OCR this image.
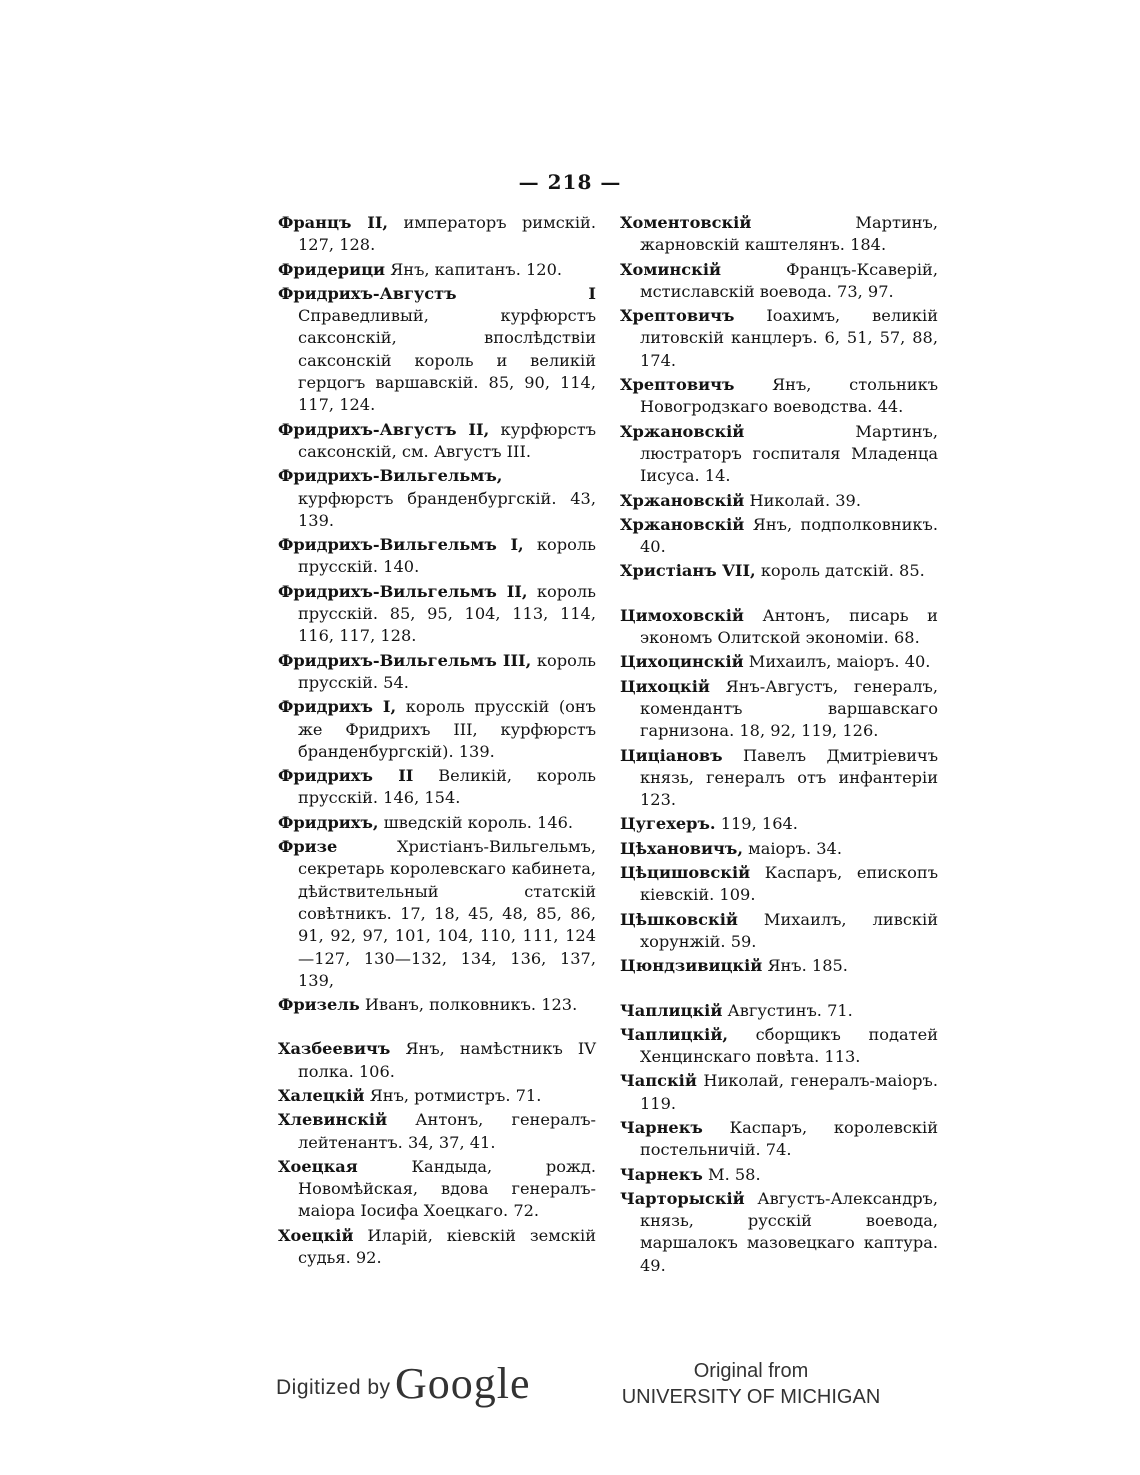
— 218 —

Францъ II, императоръ римскій. 127, 128.

Фридерици Янъ, капитанъ. 120.

Фридрихъ-Августъ I Справедливый, курфюрстъ саксонскій, впослѣдствіи саксонскій король и великій герцогъ варшавскій. 85, 90, 114, 117, 124.

Фридрихъ-Августъ II, курфюрстъ саксонскій, см. Августъ III.

Фридрихъ-Вильгельмъ, курфюрстъ бранденбургскій. 43, 139.

Фридрихъ-Вильгельмъ I, король прусскій. 140.

Фридрихъ-Вильгельмъ II, король прусскій. 85, 95, 104, 113, 114, 116, 117, 128.

Фридрихъ-Вильгельмъ III, король прусскій. 54.

Фридрихъ I, король прусскій (онъ же Фридрихъ III, курфюрстъ бранденбургскій). 139.

Фридрихъ II Великій, король прусскій. 146, 154.

Фридрихъ, шведскій король. 146.

Фризе	Христіанъ-Вильгельмъ, секретарь королевскаго кабинета, дѣйствительный статскій совѣтникъ. 17, 18, 45, 48, 85, 86, 91, 92, 97, 101, 104, 110, 111, 124—127, 130—132, 134, 136, 137, 139,

Фризель Иванъ, полковникъ. 123.

Хазбеевичъ Янъ, намѣстникъ IV полка. 106.

Халецкій Янъ, ротмистръ. 71.

Хлевинскій Антонъ, генералъ-лейтенантъ. 34, 37, 41.

Хоецкая	Кандыда, рожд. Новомѣйская, вдова генералъ-маіора Іосифа Хоецкаго. 72.

Хоецкій Иларій, кіевскій земскій судья. 92.

Хоментовскій	Мартинъ, жарновскій каштелянъ. 184.

Хоминскій	Францъ-Ксаверій, мстиславскій воевода. 73, 97.

Хрептовичъ Іоахимъ, великій литовскій канцлеръ. 6, 51, 57, 88, 174.

Хрептовичъ Янъ, стольникъ Новогродзкаго воеводства. 44.

Хржановскій	Мартинъ, люстраторъ госпиталя Младенца Іисуса. 14.

Хржановскій Николай. 39.

Хржановскій Янъ, подполковникъ. 40.

Христіанъ VII, король датскій. 85.

Цимоховскій Антонъ, писарь и экономъ Олитской экономіи. 68.

Цихоцинскій Михаилъ, маіоръ. 40.

Цихоцкій Янъ-Августъ, генералъ, комендантъ варшавскаго гарнизона. 18, 92, 119, 126.

Цицiановъ Павелъ Дмитріевичъ князь, генералъ отъ инфантеріи 123.

Цугехеръ. 119, 164.

Цѣхановичъ, маіоръ. 34.

Цѣцишовскій Каспаръ, епископъ кіевскій. 109.

Цѣшковскій Михаилъ, ливскій хорунжій. 59.

Цюндзивицкій Янъ. 185.

Чаплицкій Августинъ. 71.

Чаплицкій, сборщикъ податей Хенцинскаго повѣта. 113.

Чапскій Николай, генералъ-маіоръ. 119.

Чарнекъ Каспаръ, королевскій постельничій. 74.

Чарнекъ М. 58.

Чарторыскій Августъ-Александръ, князь, русскій воевода, маршалокъ мазовецкаго каптура. 49.

Digitized by Google	Original from
UNIVERSITY OF MICHIGAN
